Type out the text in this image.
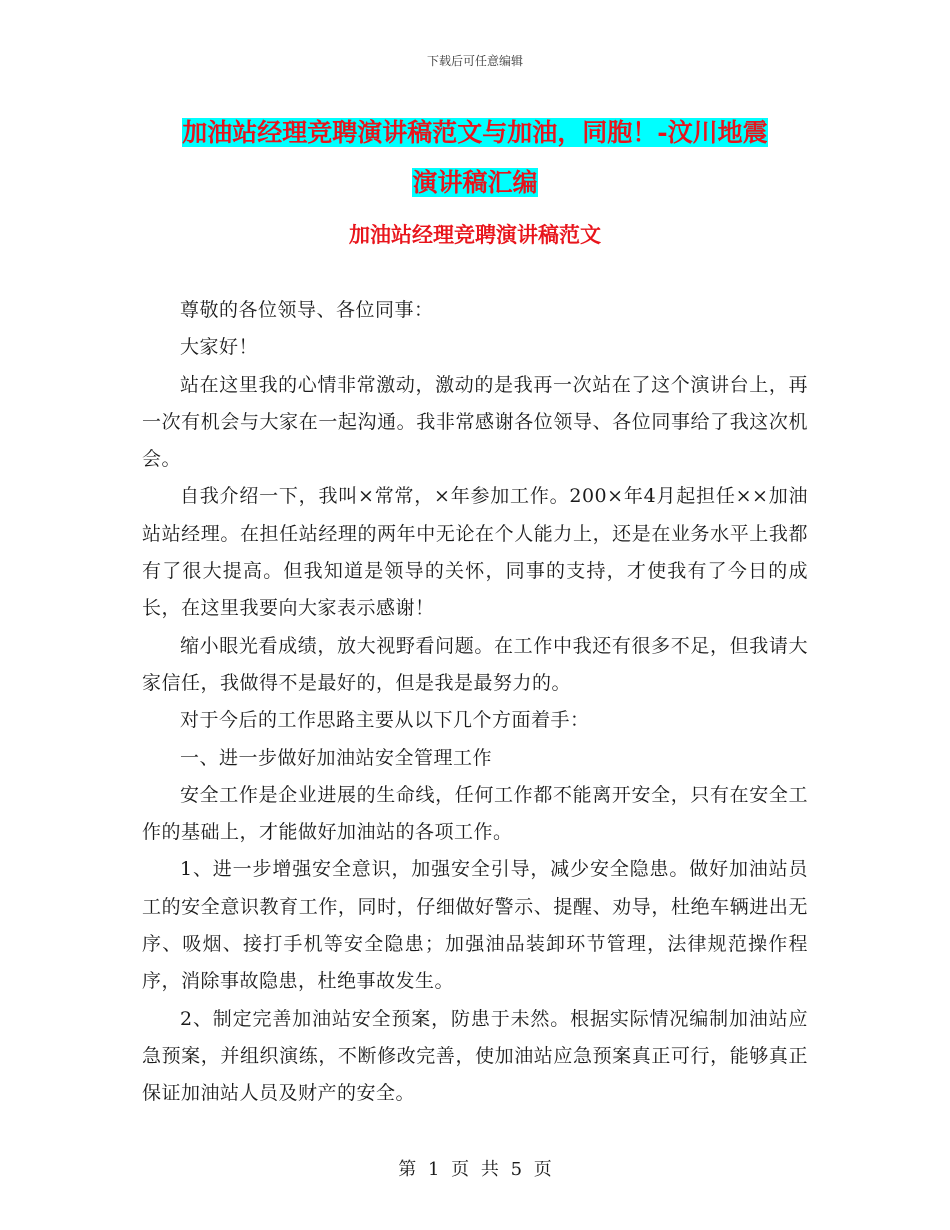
下载后可任意编辑
加油站经理竞聘演讲稿范文与加油，同胞！-汶川地震
演讲稿汇编
加油站经理竞聘演讲稿范文

尊敬的各位领导、各位同事：

大家好！

站在这里我的心情非常激动，激动的是我再一次站在了这个演讲台上，再一次有机会与大家在一起沟通。我非常感谢各位领导、各位同事给了我这次机会。

自我介绍一下，我叫×常常，×年参加工作。200×年4月起担任××加油站站经理。在担任站经理的两年中无论在个人能力上，还是在业务水平上我都有了很大提高。但我知道是领导的关怀，同事的支持，才使我有了今日的成长，在这里我要向大家表示感谢！

缩小眼光看成绩，放大视野看问题。在工作中我还有很多不足，但我请大家信任，我做得不是最好的，但是我是最努力的。

对于今后的工作思路主要从以下几个方面着手：

一、进一步做好加油站安全管理工作

安全工作是企业进展的生命线，任何工作都不能离开安全，只有在安全工作的基础上，才能做好加油站的各项工作。

1、进一步增强安全意识，加强安全引导，减少安全隐患。做好加油站员工的安全意识教育工作，同时，仔细做好警示、提醒、劝导，杜绝车辆进出无序、吸烟、接打手机等安全隐患；加强油品装卸环节管理，法律规范操作程序，消除事故隐患，杜绝事故发生。

2、制定完善加油站安全预案，防患于未然。根据实际情况编制加油站应急预案，并组织演练，不断修改完善，使加油站应急预案真正可行，能够真正保证加油站人员及财产的安全。

第 1 页 共 5 页
